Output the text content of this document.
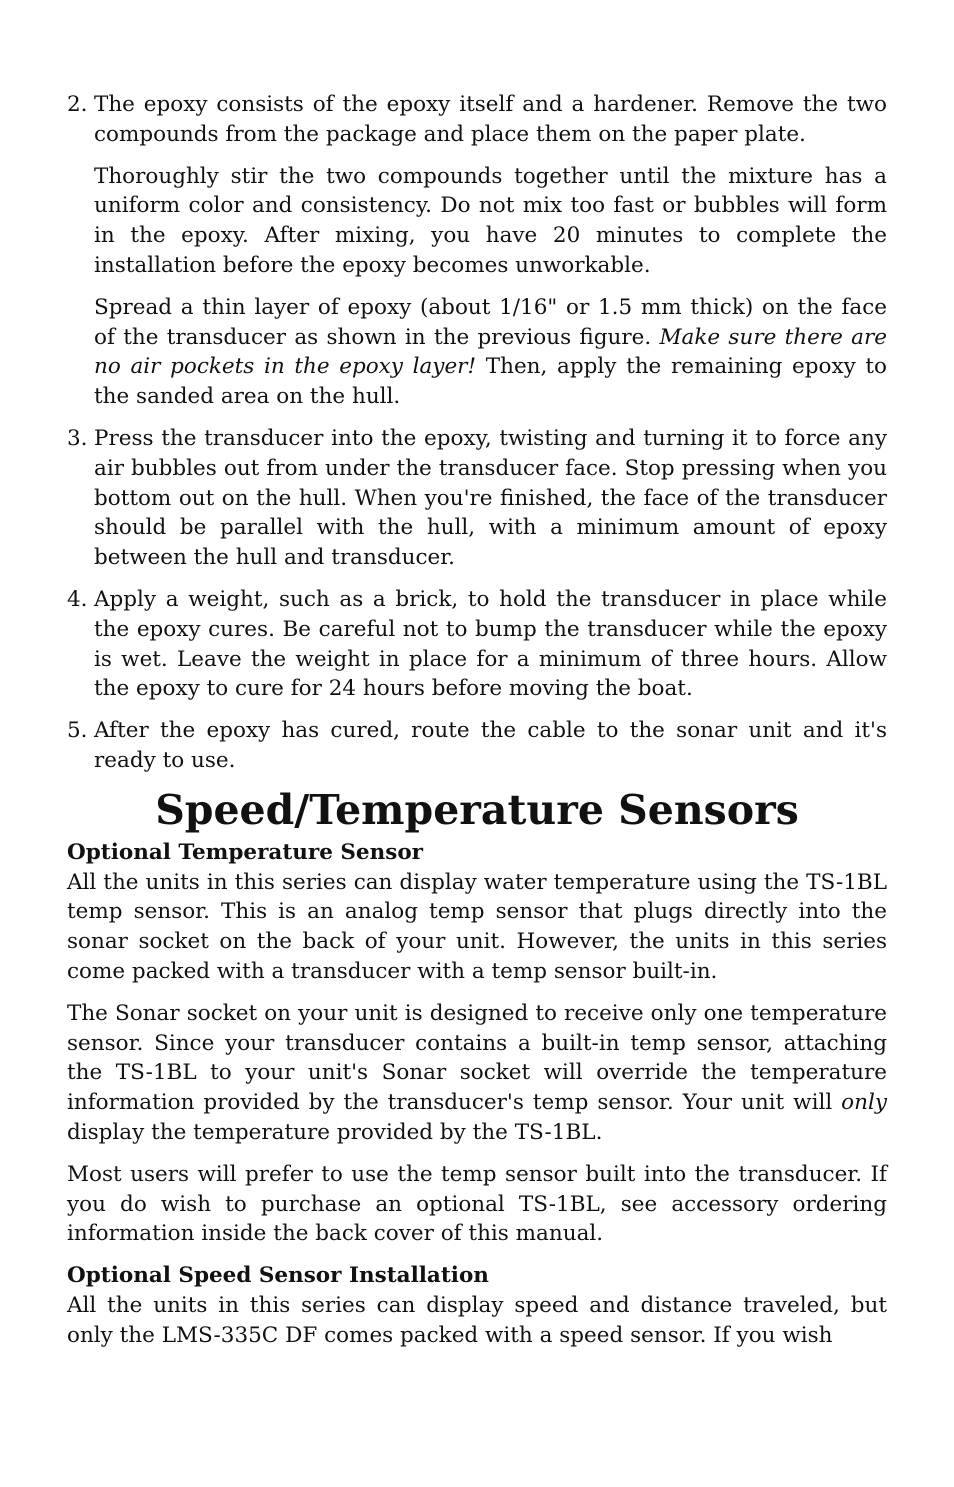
2. The epoxy consists of the epoxy itself and a hardener. Remove the two compounds from the package and place them on the paper plate.

Thoroughly stir the two compounds together until the mixture has a uniform color and consistency. Do not mix too fast or bubbles will form in the epoxy. After mixing, you have 20 minutes to complete the installation before the epoxy becomes unworkable.

Spread a thin layer of epoxy (about 1/16" or 1.5 mm thick) on the face of the transducer as shown in the previous figure. Make sure there are no air pockets in the epoxy layer! Then, apply the remaining epoxy to the sanded area on the hull.

3. Press the transducer into the epoxy, twisting and turning it to force any air bubbles out from under the transducer face. Stop pressing when you bottom out on the hull. When you're finished, the face of the transducer should be parallel with the hull, with a minimum amount of epoxy between the hull and transducer.

4. Apply a weight, such as a brick, to hold the transducer in place while the epoxy cures. Be careful not to bump the transducer while the epoxy is wet. Leave the weight in place for a minimum of three hours. Allow the epoxy to cure for 24 hours before moving the boat.

5. After the epoxy has cured, route the cable to the sonar unit and it's ready to use.

Speed/Temperature Sensors
Optional Temperature Sensor

All the units in this series can display water temperature using the TS-1BL temp sensor. This is an analog temp sensor that plugs directly into the sonar socket on the back of your unit. However, the units in this series come packed with a transducer with a temp sensor built-in.

The Sonar socket on your unit is designed to receive only one temperature sensor. Since your transducer contains a built-in temp sensor, attaching the TS-1BL to your unit's Sonar socket will override the temperature information provided by the transducer's temp sensor. Your unit will only display the temperature provided by the TS-1BL.

Most users will prefer to use the temp sensor built into the transducer. If you do wish to purchase an optional TS-1BL, see accessory ordering information inside the back cover of this manual.

Optional Speed Sensor Installation

All the units in this series can display speed and distance traveled, but only the LMS-335C DF comes packed with a speed sensor. If you wish
